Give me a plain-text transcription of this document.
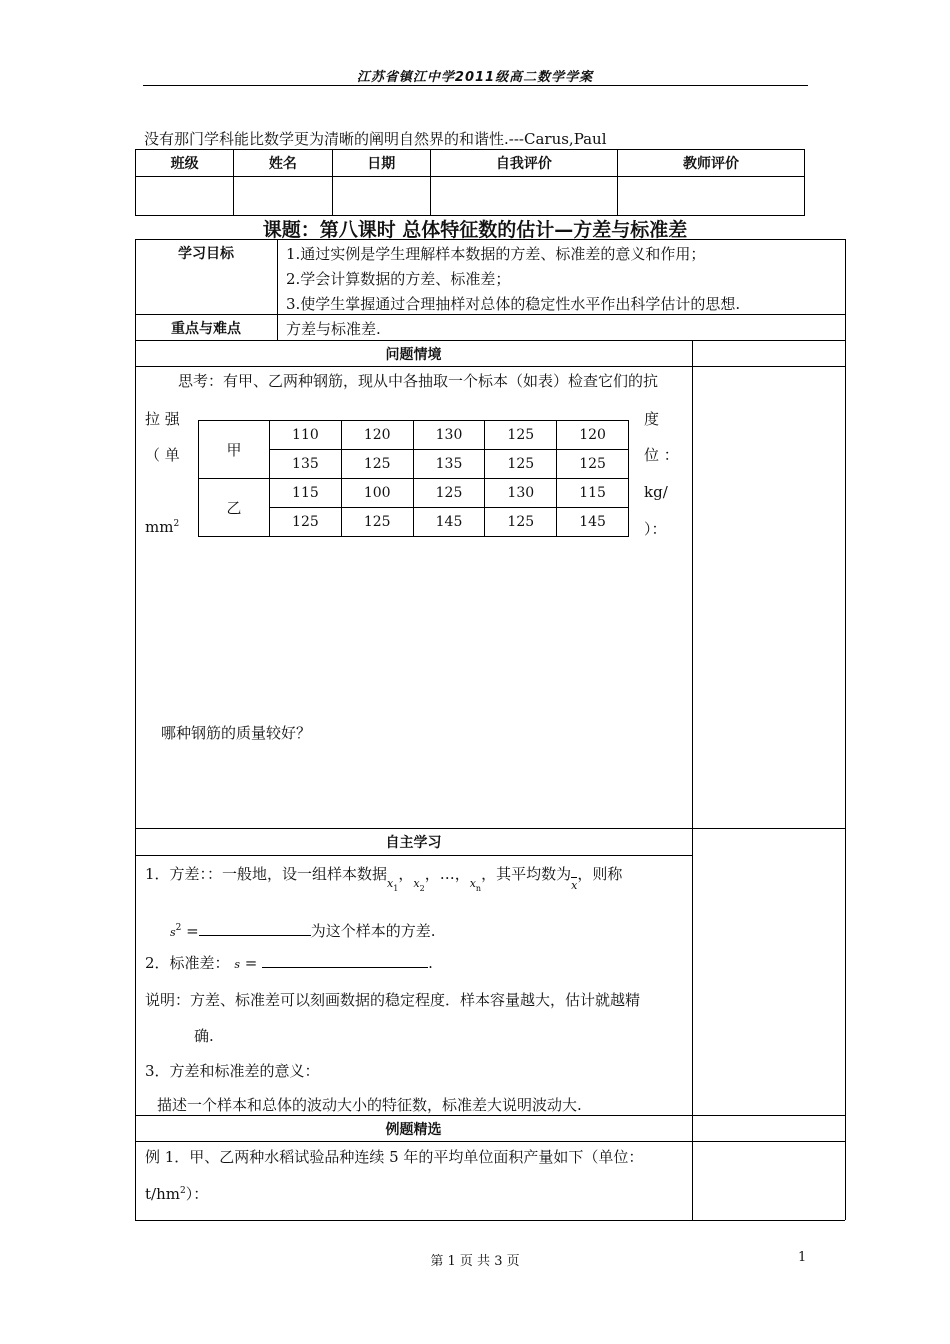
江苏省镇江中学2011级高二数学学案
没有那门学科能比数学更为清晰的阐明自然界的和谐性.---Carus,Paul
班级	姓名	日期	自我评价	教师评价

课题：第八课时 总体特征数的估计—方差与标准差
学习目标	1.通过实例是学生理解样本数据的方差、标准差的意义和作用；
2.学会计算数据的方差、标准差；
3.使学生掌握通过合理抽样对总体的稳定性水平作出科学估计的思想.
重点与难点	方差与标准差.
问题情境
思考：有甲、乙两种钢筋，现从中各抽取一个标本（如表）检查它们的抗
拉 强
（ 单
$mm^2$
度
位 ：
kg/
）：
甲	110	120	130	125	120
	135	125	135	125	125
乙	115	100	125	130	115
	125	125	145	125	145
哪种钢筋的质量较好？
自主学习
1．方差：：一般地，设一组样本数据$x_1$，$x_2$，…，$x_n$，其平均数为x，则称
$s^2$ =	为这个样本的方差.
2．标准差： s =	.
说明：方差、标准差可以刻画数据的稳定程度．样本容量越大，估计就越精
确.
3．方差和标准差的意义：
描述一个样本和总体的波动大小的特征数，标准差大说明波动大.
例题精选
例 1．甲、乙两种水稻试验品种连续 5 年的平均单位面积产量如下（单位：
$t/hm^2$）：
第 1 页 共 3 页	1
